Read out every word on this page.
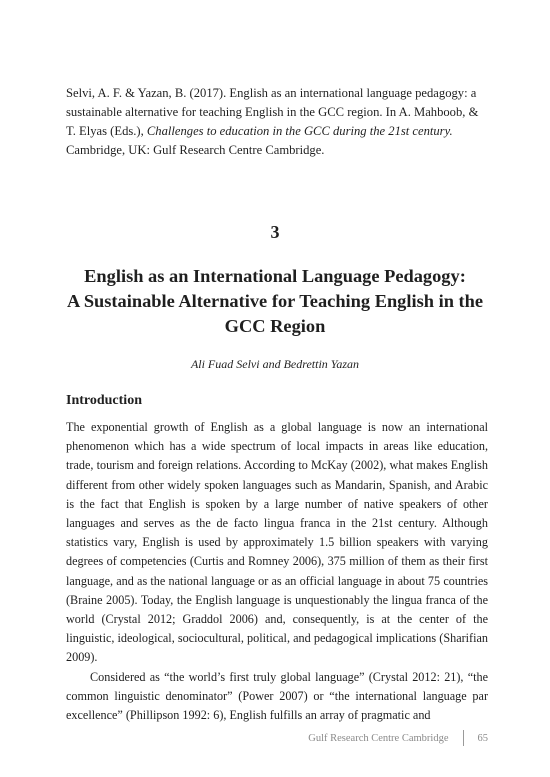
Selvi, A. F. & Yazan, B. (2017). English as an international language pedagogy: a sustainable alternative for teaching English in the GCC region. In A. Mahboob, & T. Elyas (Eds.), Challenges to education in the GCC during the 21st century. Cambridge, UK: Gulf Research Centre Cambridge.
3
English as an International Language Pedagogy:
A Sustainable Alternative for Teaching English in the
GCC Region
Ali Fuad Selvi and Bedrettin Yazan
Introduction

The exponential growth of English as a global language is now an international phenomenon which has a wide spectrum of local impacts in areas like education, trade, tourism and foreign relations. According to McKay (2002), what makes English different from other widely spoken languages such as Mandarin, Spanish, and Arabic is the fact that English is spoken by a large number of native speakers of other languages and serves as the de facto lingua franca in the 21st century. Although statistics vary, English is used by approximately 1.5 billion speakers with varying degrees of competencies (Curtis and Romney 2006), 375 million of them as their first language, and as the national language or as an official language in about 75 countries (Braine 2005). Today, the English language is unquestionably the lingua franca of the world (Crystal 2012; Graddol 2006) and, consequently, is at the center of the linguistic, ideological, sociocultural, political, and pedagogical implications (Sharifian 2009).

Considered as “the world’s first truly global language” (Crystal 2012: 21), “the common linguistic denominator” (Power 2007) or “the international language par excellence” (Phillipson 1992: 6), English fulfills an array of pragmatic and

Gulf Research Centre Cambridge	65
